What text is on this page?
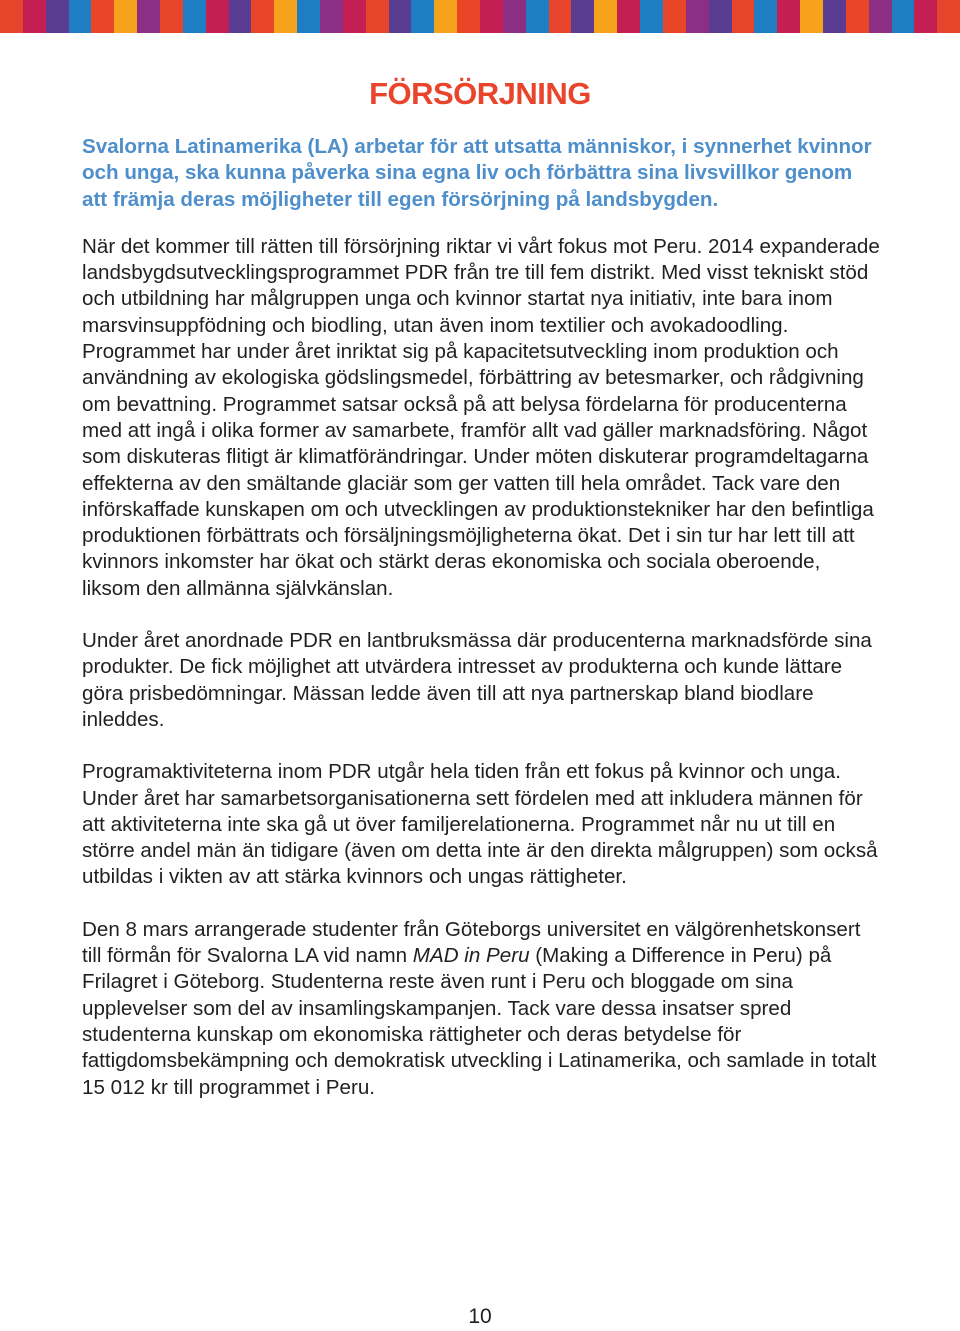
FÖRSÖRJNING

Svalorna Latinamerika (LA) arbetar för att utsatta människor, i synnerhet kvinnor och unga, ska kunna påverka sina egna liv och förbättra sina livsvillkor genom att främja deras möjligheter till egen försörjning på landsbygden.

När det kommer till rätten till försörjning riktar vi vårt fokus mot Peru. 2014 expanderade landsbygdsutvecklingsprogrammet PDR från tre till fem distrikt. Med visst tekniskt stöd och utbildning har målgruppen unga och kvinnor startat nya initiativ, inte bara inom marsvinsuppfödning och biodling, utan även inom textilier och avokadoodling. Programmet har under året inriktat sig på kapacitetsutveckling inom produktion och användning av ekologiska gödslingsmedel, förbättring av betesmarker, och rådgivning om bevattning. Programmet satsar också på att belysa fördelarna för producenterna med att ingå i olika former av samarbete, framför allt vad gäller marknadsföring. Något som diskuteras flitigt är klimatförändringar. Under möten diskuterar programdeltagarna effekterna av den smältande glaciär som ger vatten till hela området. Tack vare den införskaffade kunskapen om och utvecklingen av produktionstekniker har den befintliga produktionen förbättrats och försäljningsmöjligheterna ökat. Det i sin tur har lett till att kvinnors inkomster har ökat och stärkt deras ekonomiska och sociala oberoende, liksom den allmänna självkänslan.

Under året anordnade PDR en lantbruksmässa där producenterna marknadsförde sina produkter. De fick möjlighet att utvärdera intresset av produkterna och kunde lättare göra prisbedömningar. Mässan ledde även till att nya partnerskap bland biodlare inleddes.

Programaktiviteterna inom PDR utgår hela tiden från ett fokus på kvinnor och unga. Under året har samarbetsorganisationerna sett fördelen med att inkludera männen för att aktiviteterna inte ska gå ut över familjerelationerna. Programmet når nu ut till en större andel män än tidigare (även om detta inte är den direkta målgruppen) som också utbildas i vikten av att stärka kvinnors och ungas rättigheter.

Den 8 mars arrangerade studenter från Göteborgs universitet en välgörenhetskonsert till förmån för Svalorna LA vid namn MAD in Peru (Making a Difference in Peru) på Frilagret i Göteborg. Studenterna reste även runt i Peru och bloggade om sina upplevelser som del av insamlingskampanjen. Tack vare dessa insatser spred studenterna kunskap om ekonomiska rättigheter och deras betydelse för fattigdomsbekämpning och demokratisk utveckling i Latinamerika, och samlade in totalt 15 012 kr till programmet i Peru.

10
